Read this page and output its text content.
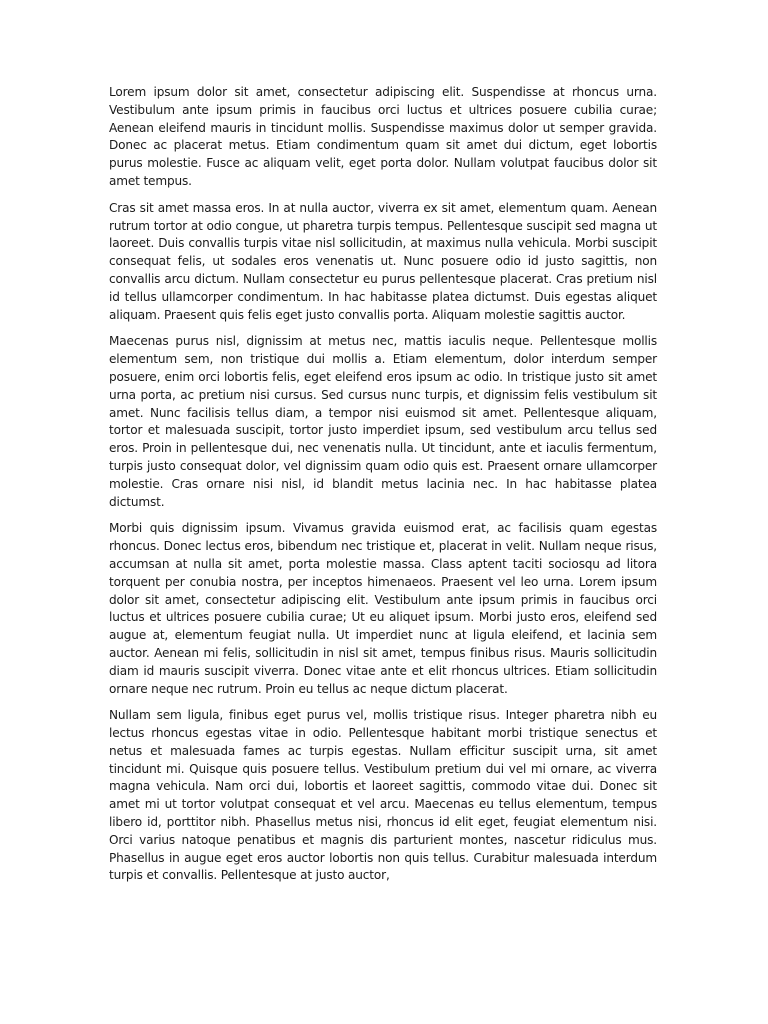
Lorem ipsum dolor sit amet, consectetur adipiscing elit. Suspendisse at rhoncus urna. Vestibulum ante ipsum primis in faucibus orci luctus et ultrices posuere cubilia curae; Aenean eleifend mauris in tincidunt mollis. Suspendisse maximus dolor ut semper gravida. Donec ac placerat metus. Etiam condimentum quam sit amet dui dictum, eget lobortis purus molestie. Fusce ac aliquam velit, eget porta dolor. Nullam volutpat faucibus dolor sit amet tempus.

Cras sit amet massa eros. In at nulla auctor, viverra ex sit amet, elementum quam. Aenean rutrum tortor at odio congue, ut pharetra turpis tempus. Pellentesque suscipit sed magna ut laoreet. Duis convallis turpis vitae nisl sollicitudin, at maximus nulla vehicula. Morbi suscipit consequat felis, ut sodales eros venenatis ut. Nunc posuere odio id justo sagittis, non convallis arcu dictum. Nullam consectetur eu purus pellentesque placerat. Cras pretium nisl id tellus ullamcorper condimentum. In hac habitasse platea dictumst. Duis egestas aliquet aliquam. Praesent quis felis eget justo convallis porta. Aliquam molestie sagittis auctor.

Maecenas purus nisl, dignissim at metus nec, mattis iaculis neque. Pellentesque mollis elementum sem, non tristique dui mollis a. Etiam elementum, dolor interdum semper posuere, enim orci lobortis felis, eget eleifend eros ipsum ac odio. In tristique justo sit amet urna porta, ac pretium nisi cursus. Sed cursus nunc turpis, et dignissim felis vestibulum sit amet. Nunc facilisis tellus diam, a tempor nisi euismod sit amet. Pellentesque aliquam, tortor et malesuada suscipit, tortor justo imperdiet ipsum, sed vestibulum arcu tellus sed eros. Proin in pellentesque dui, nec venenatis nulla. Ut tincidunt, ante et iaculis fermentum, turpis justo consequat dolor, vel dignissim quam odio quis est. Praesent ornare ullamcorper molestie. Cras ornare nisi nisl, id blandit metus lacinia nec. In hac habitasse platea dictumst.

Morbi quis dignissim ipsum. Vivamus gravida euismod erat, ac facilisis quam egestas rhoncus. Donec lectus eros, bibendum nec tristique et, placerat in velit. Nullam neque risus, accumsan at nulla sit amet, porta molestie massa. Class aptent taciti sociosqu ad litora torquent per conubia nostra, per inceptos himenaeos. Praesent vel leo urna. Lorem ipsum dolor sit amet, consectetur adipiscing elit. Vestibulum ante ipsum primis in faucibus orci luctus et ultrices posuere cubilia curae; Ut eu aliquet ipsum. Morbi justo eros, eleifend sed augue at, elementum feugiat nulla. Ut imperdiet nunc at ligula eleifend, et lacinia sem auctor. Aenean mi felis, sollicitudin in nisl sit amet, tempus finibus risus. Mauris sollicitudin diam id mauris suscipit viverra. Donec vitae ante et elit rhoncus ultrices. Etiam sollicitudin ornare neque nec rutrum. Proin eu tellus ac neque dictum placerat.

Nullam sem ligula, finibus eget purus vel, mollis tristique risus. Integer pharetra nibh eu lectus rhoncus egestas vitae in odio. Pellentesque habitant morbi tristique senectus et netus et malesuada fames ac turpis egestas. Nullam efficitur suscipit urna, sit amet tincidunt mi. Quisque quis posuere tellus. Vestibulum pretium dui vel mi ornare, ac viverra magna vehicula. Nam orci dui, lobortis et laoreet sagittis, commodo vitae dui. Donec sit amet mi ut tortor volutpat consequat et vel arcu. Maecenas eu tellus elementum, tempus libero id, porttitor nibh. Phasellus metus nisi, rhoncus id elit eget, feugiat elementum nisi. Orci varius natoque penatibus et magnis dis parturient montes, nascetur ridiculus mus. Phasellus in augue eget eros auctor lobortis non quis tellus. Curabitur malesuada interdum turpis et convallis. Pellentesque at justo auctor,
